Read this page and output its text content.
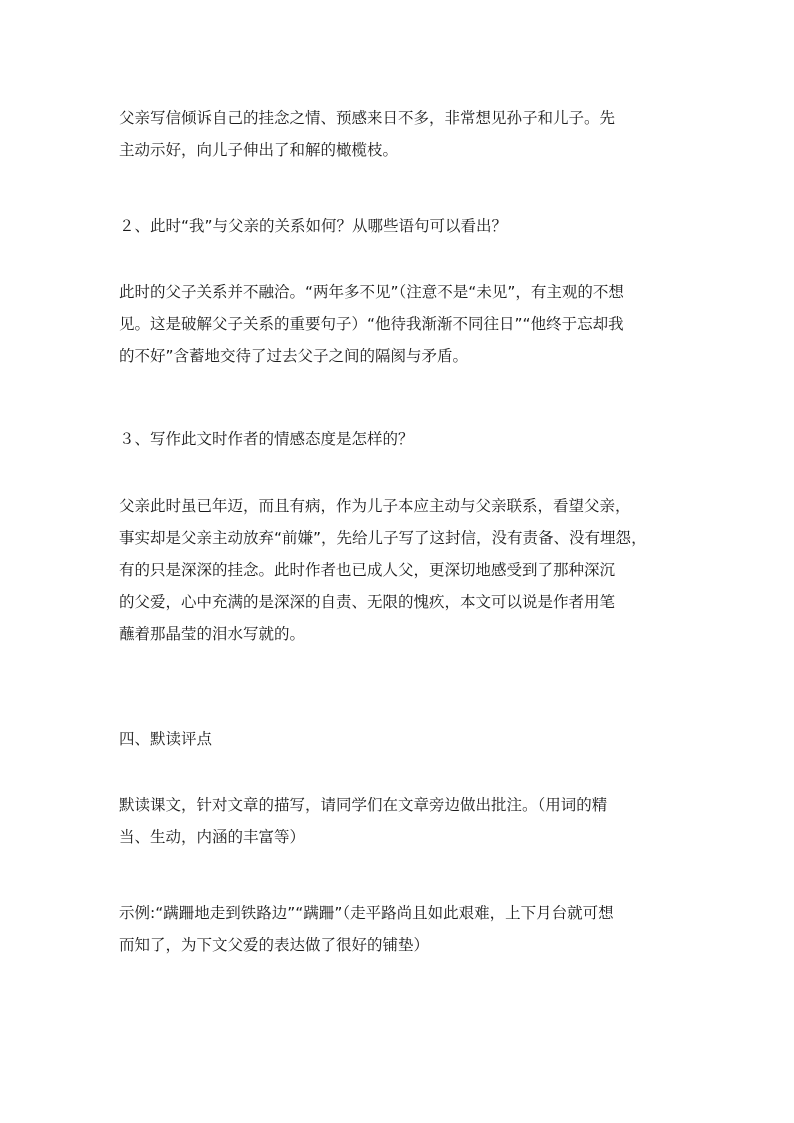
父亲写信倾诉自己的挂念之情、预感来日不多，非常想见孙子和儿子。先
主动示好，向儿子伸出了和解的橄榄枝。

２、此时“我”与父亲的关系如何？从哪些语句可以看出？

此时的父子关系并不融洽。“两年多不见”（注意不是“未见”，有主观的不想
见。这是破解父子关系的重要句子）“他待我渐渐不同往日”“他终于忘却我
的不好”含蓄地交待了过去父子之间的隔阂与矛盾。

３、写作此文时作者的情感态度是怎样的？

父亲此时虽已年迈，而且有病，作为儿子本应主动与父亲联系，看望父亲，
事实却是父亲主动放弃“前嫌”，先给儿子写了这封信，没有责备、没有埋怨，
有的只是深深的挂念。此时作者也已成人父，更深切地感受到了那种深沉
的父爱，心中充满的是深深的自责、无限的愧疚，本文可以说是作者用笔
蘸着那晶莹的泪水写就的。

四、默读评点

默读课文，针对文章的描写，请同学们在文章旁边做出批注。（用词的精
当、生动，内涵的丰富等）

示例:“蹒跚地走到铁路边”“蹒跚”（走平路尚且如此艰难，上下月台就可想
而知了，为下文父爱的表达做了很好的铺垫）
